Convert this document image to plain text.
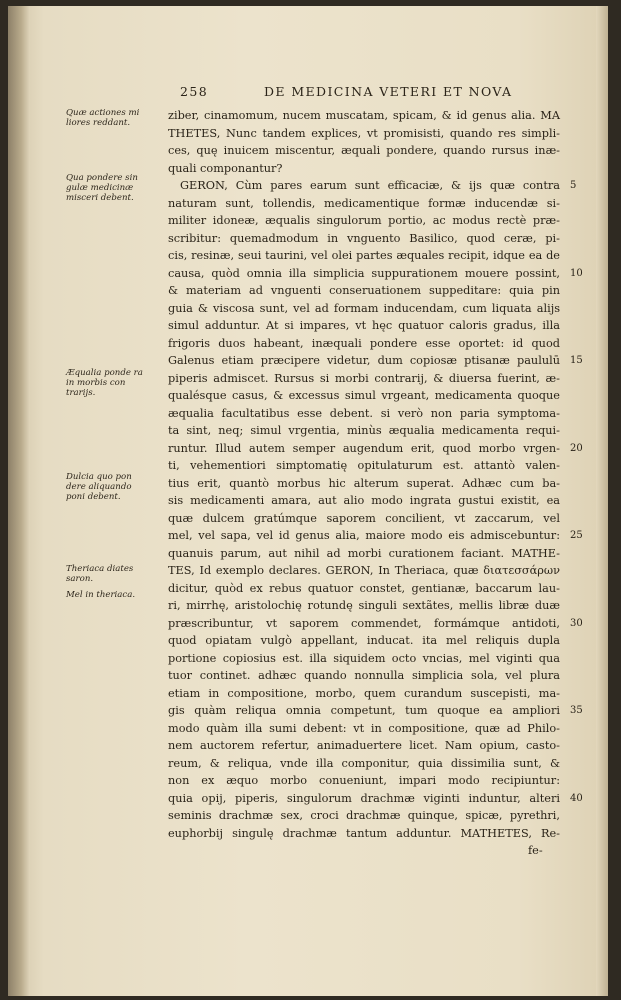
258	DE MEDICINA VETERI ET NOVA
Quæ actiones mi liores reddant.
Qua pondere sin gulæ medicinæ misceri debent.
Æqualia ponde ra in morbis con trarijs.
Dulcia quo pon dere aliquando poni debent.
Theriaca diates saron.
Mel in theriaca.
ziber, cinamomum, nucem muscatam, spicam, & id genus alia. MA
THETES, Nunc tandem explices, vt promisisti, quando res simpli-
ces, quę inuicem miscentur, æquali pondere, quando rursus inæ-
quali componantur?
GERON, Cùm pares earum sunt efficaciæ, & ijs quæ contra 5
naturam sunt, tollendis, medicamentique formæ inducendæ si-
militer idoneæ, æqualis singulorum portio, ac modus rectè præ-
scribitur: quemadmodum in vnguento Basilico, quod ceræ, pi-
cis, resinæ, seui taurini, vel olei partes æquales recipit, idque ea de
causa, quòd omnia illa simplicia suppurationem mouere possint, 10
& materiam ad vnguenti conseruationem suppeditare: quia pin
guia & viscosa sunt, vel ad formam inducendam, cum liquata alijs
simul adduntur. At si impares, vt hęc quatuor caloris gradus, illa
frigoris duos habeant, inæquali pondere esse oportet: id quod
Galenus etiam præcipere videtur, dum copiosæ ptisanæ paululū 15
piperis admiscet. Rursus si morbi contrarij, & diuersa fuerint, æ-
qualésque casus, & excessus simul vrgeant, medicamenta quoque
æqualia facultatibus esse debent. si verò non paria symptoma-
ta sint, neq; simul vrgentia, minùs æqualia medicamenta requi-
runtur. Illud autem semper augendum erit, quod morbo vrgen- 20
ti, vehementiori simptomatię opitulaturum est. attantò valen-
tius erit, quantò morbus hic alterum superat. Adhæc cum ba-
sis medicamenti amara, aut alio modo ingrata gustui existit, ea
quæ dulcem gratúmque saporem concilient, vt zaccarum, vel
mel, vel sapa, vel id genus alia, maiore modo eis admiscebuntur: 25
quanuis parum, aut nihil ad morbi curationem faciant. MATHE-
TES, Id exemplo declares. GERON, In Theriaca, quæ διατεσσάρων
dicitur, quòd ex rebus quatuor constet, gentianæ, baccarum lau-
ri, mirrhę, aristolochię rotundę singuli sextãtes, mellis libræ duæ
præscribuntur, vt saporem commendet, formámque antidoti, 30
quod opiatam vulgò appellant, inducat. ita mel reliquis dupla
portione copiosius est. illa siquidem octo vncias, mel viginti qua
tuor continet. adhæc quando nonnulla simplicia sola, vel plura
etiam in compositione, morbo, quem curandum suscepisti, ma-
gis quàm reliqua omnia competunt, tum quoque ea ampliori 35
modo quàm illa sumi debent: vt in compositione, quæ ad Philo-
nem auctorem refertur, animaduertere licet. Nam opium, casto-
reum, & reliqua, vnde illa componitur, quia dissimilia sunt, &
non ex æquo morbo conueniunt, impari modo recipiuntur:
quia opij, piperis, singulorum drachmæ viginti induntur, alteri 40
seminis drachmæ sex, croci drachmæ quinque, spicæ, pyrethri,
euphorbij singulę drachmæ tantum adduntur. MATHETES, Re-
fe-
